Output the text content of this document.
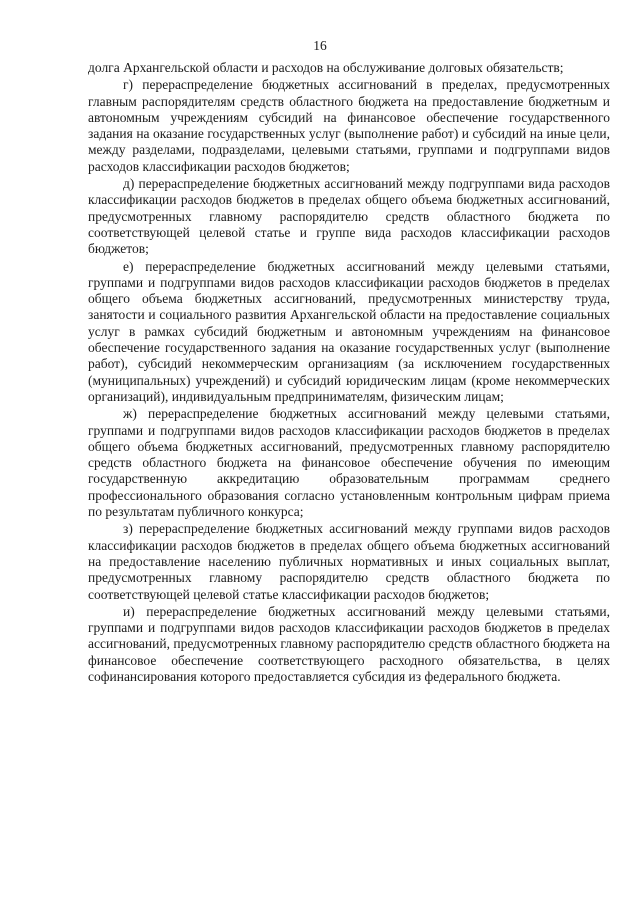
16

долга Архангельской области и расходов на обслуживание долговых обязательств;

г) перераспределение бюджетных ассигнований в пределах, предусмотренных главным распорядителям средств областного бюджета на предоставление бюджетным и автономным учреждениям субсидий на финансовое обеспечение государственного задания на оказание государственных услуг (выполнение работ) и субсидий на иные цели, между разделами, подразделами, целевыми статьями, группами и подгруппами видов расходов классификации расходов бюджетов;

д) перераспределение бюджетных ассигнований между подгруппами вида расходов классификации расходов бюджетов в пределах общего объема бюджетных ассигнований, предусмотренных главному распорядителю средств областного бюджета по соответствующей целевой статье и группе вида расходов классификации расходов бюджетов;

е) перераспределение бюджетных ассигнований между целевыми статьями, группами и подгруппами видов расходов классификации расходов бюджетов в пределах общего объема бюджетных ассигнований, предусмотренных министерству труда, занятости и социального развития Архангельской области на предоставление социальных услуг в рамках субсидий бюджетным и автономным учреждениям на финансовое обеспечение государственного задания на оказание государственных услуг (выполнение работ), субсидий некоммерческим организациям (за исключением государственных (муниципальных) учреждений) и субсидий юридическим лицам (кроме некоммерческих организаций), индивидуальным предпринимателям, физическим лицам;

ж) перераспределение бюджетных ассигнований между целевыми статьями, группами и подгруппами видов расходов классификации расходов бюджетов в пределах общего объема бюджетных ассигнований, предусмотренных главному распорядителю средств областного бюджета на финансовое обеспечение обучения по имеющим государственную аккредитацию образовательным программам среднего профессионального образования согласно установленным контрольным цифрам приема по результатам публичного конкурса;

з) перераспределение бюджетных ассигнований между группами видов расходов классификации расходов бюджетов в пределах общего объема бюджетных ассигнований на предоставление населению публичных нормативных и иных социальных выплат, предусмотренных главному распорядителю средств областного бюджета по соответствующей целевой статье классификации расходов бюджетов;

и) перераспределение бюджетных ассигнований между целевыми статьями, группами и подгруппами видов расходов классификации расходов бюджетов в пределах ассигнований, предусмотренных главному распорядителю средств областного бюджета на финансовое обеспечение соответствующего расходного обязательства, в целях софинансирования которого предоставляется субсидия из федерального бюджета.
